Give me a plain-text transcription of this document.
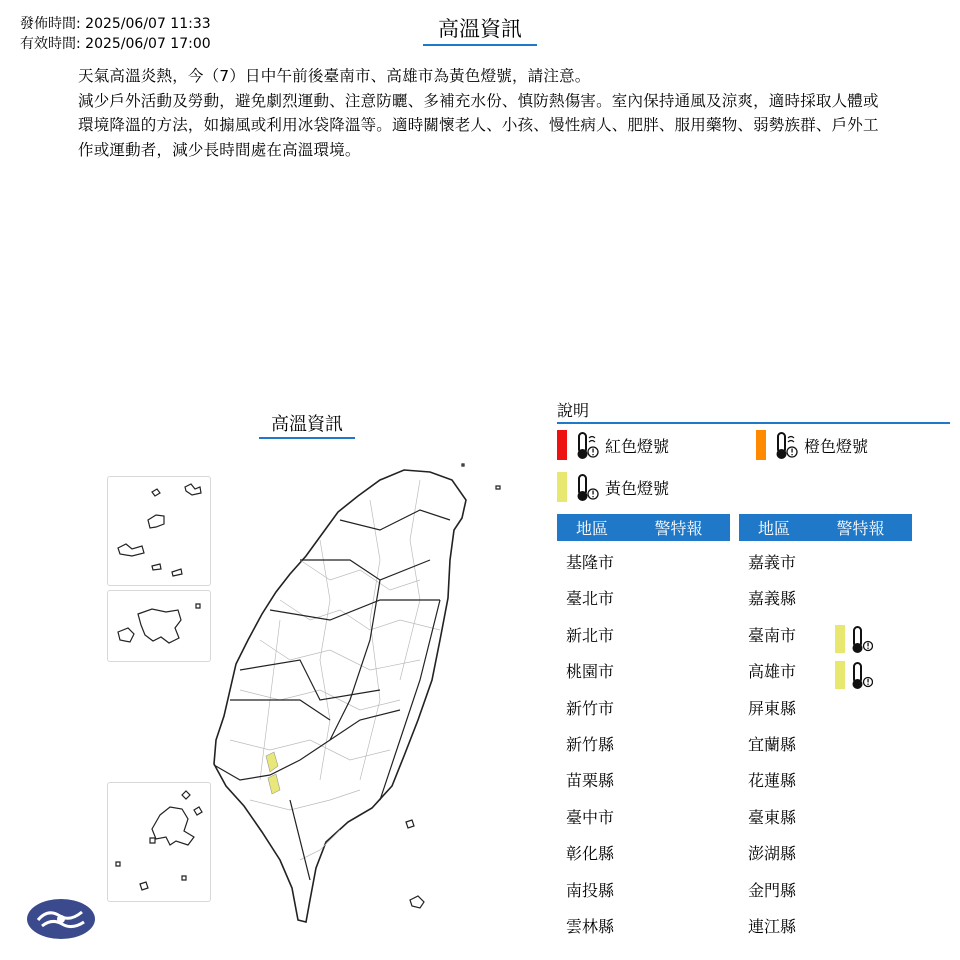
發佈時間: 2025/06/07 11:33
有效時間: 2025/06/07 17:00
高溫資訊

天氣高溫炎熱，今（7）日中午前後臺南市、高雄市為黃色燈號，請注意。

減少戶外活動及勞動，避免劇烈運動、注意防曬、多補充水份、慎防熱傷害。室內保持通風及涼爽，適時採取人體或環境降溫的方法，如搧風或利用冰袋降溫等。適時關懷老人、小孩、慢性病人、肥胖、服用藥物、弱勢族群、戶外工作或運動者，減少長時間處在高溫環境。

高溫資訊
說明
紅色燈號	橙色燈號
黃色燈號
地區	警特報
基隆市
臺北市
新北市
桃園市
新竹市
新竹縣
苗栗縣
臺中市
彰化縣
南投縣
雲林縣
地區	警特報
嘉義市
嘉義縣
臺南市
高雄市
屏東縣
宜蘭縣
花蓮縣
臺東縣
澎湖縣
金門縣
連江縣
